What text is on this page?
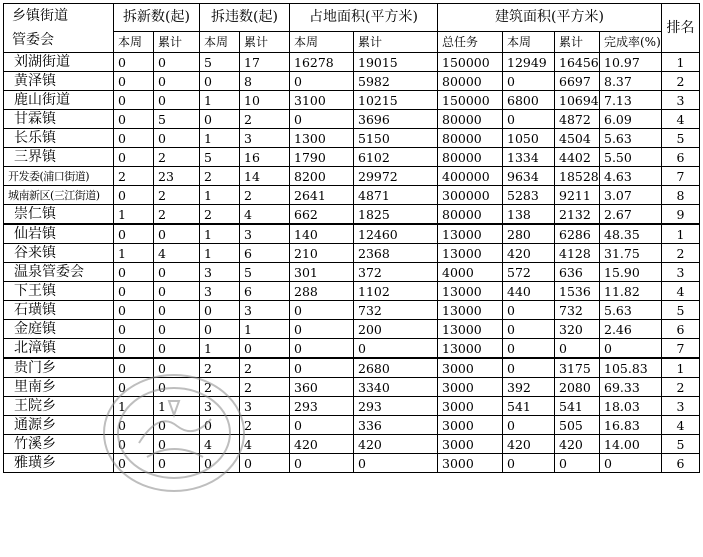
乡镇街道
管委会	拆新数(起)		拆违数(起)		占地面积(平方米)		建筑面积(平方米)				排名
	本周	累计	本周	累计	本周	累计	总任务	本周	累计	完成率(%)	
刘湖街道	0	0	5	17	16278	19015	150000	12949	16456	10.97	1
黄泽镇	0	0	0	8	0	5982	80000	0	6697	8.37	2
鹿山街道	0	0	1	10	3100	10215	150000	6800	10694	7.13	3
甘霖镇	0	5	0	2	0	3696	80000	0	4872	6.09	4
长乐镇	0	0	1	3	1300	5150	80000	1050	4504	5.63	5
三界镇	0	2	5	16	1790	6102	80000	1334	4402	5.50	6
开发委(浦口街道)	2	23	2	14	8200	29972	400000	9634	18528	4.63	7
城南新区(三江街道)	0	2	1	2	2641	4871	300000	5283	9211	3.07	8
崇仁镇	1	2	2	4	662	1825	80000	138	2132	2.67	9
仙岩镇	0	0	1	3	140	12460	13000	280	6286	48.35	1
谷来镇	1	4	1	6	210	2368	13000	420	4128	31.75	2
温泉管委会	0	0	3	5	301	372	4000	572	636	15.90	3
下王镇	0	0	3	6	288	1102	13000	440	1536	11.82	4
石璜镇	0	0	0	3	0	732	13000	0	732	5.63	5
金庭镇	0	0	0	1	0	200	13000	0	320	2.46	6
北漳镇	0	0	1	0	0	0	13000	0	0	0	7
贵门乡	0	0	2	2	0	2680	3000	0	3175	105.83	1
里南乡	0	0	2	2	360	3340	3000	392	2080	69.33	2
王院乡	1	1	3	3	293	293	3000	541	541	18.03	3
通源乡	0	0	0	2	0	336	3000	0	505	16.83	4
竹溪乡	0	0	4	4	420	420	3000	420	420	14.00	5
雅璜乡	0	0	0	0	0	0	3000	0	0	0	6
